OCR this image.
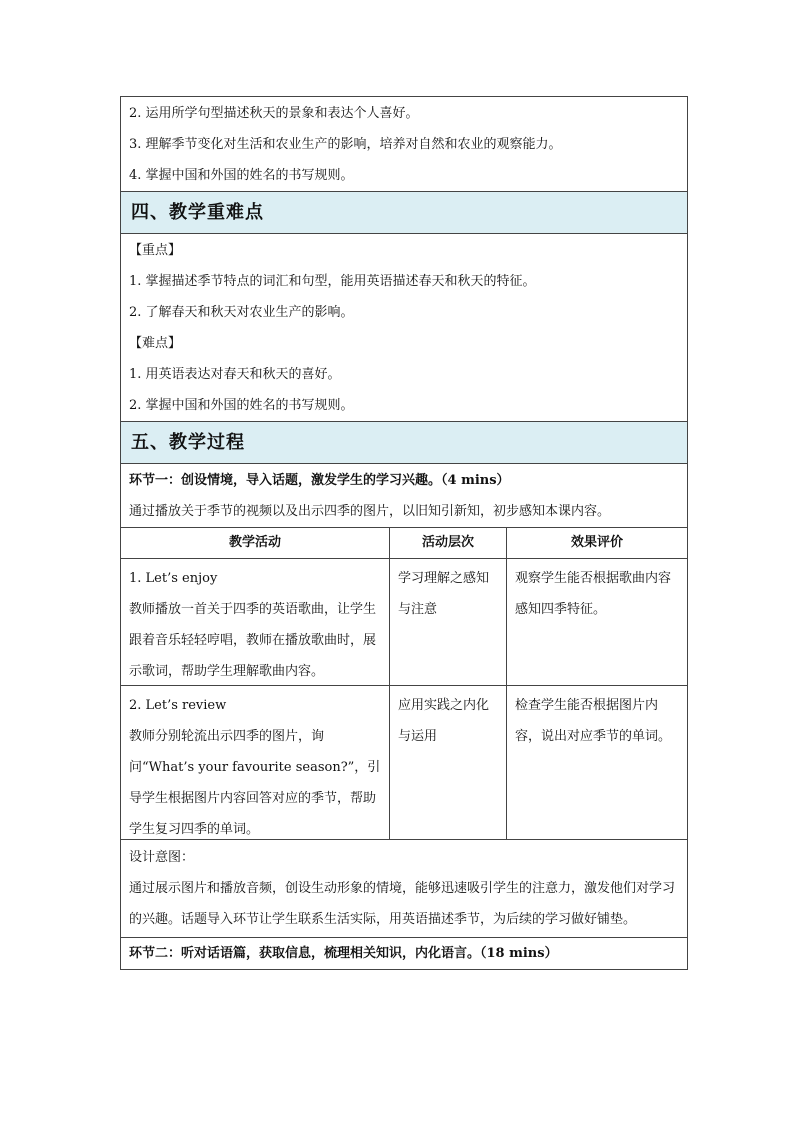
2. 运用所学句型描述秋天的景象和表达个人喜好。
3. 理解季节变化对生活和农业生产的影响，培养对自然和农业的观察能力。
4. 掌握中国和外国的姓名的书写规则。
四、教学重难点
【重点】
1. 掌握描述季节特点的词汇和句型，能用英语描述春天和秋天的特征。
2. 了解春天和秋天对农业生产的影响。
【难点】
1. 用英语表达对春天和秋天的喜好。
2. 掌握中国和外国的姓名的书写规则。
五、教学过程
环节一：创设情境，导入话题，激发学生的学习兴趣。（4 mins）
通过播放关于季节的视频以及出示四季的图片，以旧知引新知，初步感知本课内容。
教学活动	活动层次	效果评价
1. Let’s enjoy
教师播放一首关于四季的英语歌曲，让学生跟着音乐轻轻哼唱，教师在播放歌曲时，展示歌词，帮助学生理解歌曲内容。
学习理解之感知与注意
观察学生能否根据歌曲内容感知四季特征。
2. Let’s review
教师分别轮流出示四季的图片，询问“What’s your favourite season?”，引导学生根据图片内容回答对应的季节，帮助学生复习四季的单词。
应用实践之内化与运用
检查学生能否根据图片内容，说出对应季节的单词。
设计意图：
通过展示图片和播放音频，创设生动形象的情境，能够迅速吸引学生的注意力，激发他们对学习的兴趣。话题导入环节让学生联系生活实际，用英语描述季节，为后续的学习做好铺垫。
环节二：听对话语篇，获取信息，梳理相关知识，内化语言。（18 mins）
